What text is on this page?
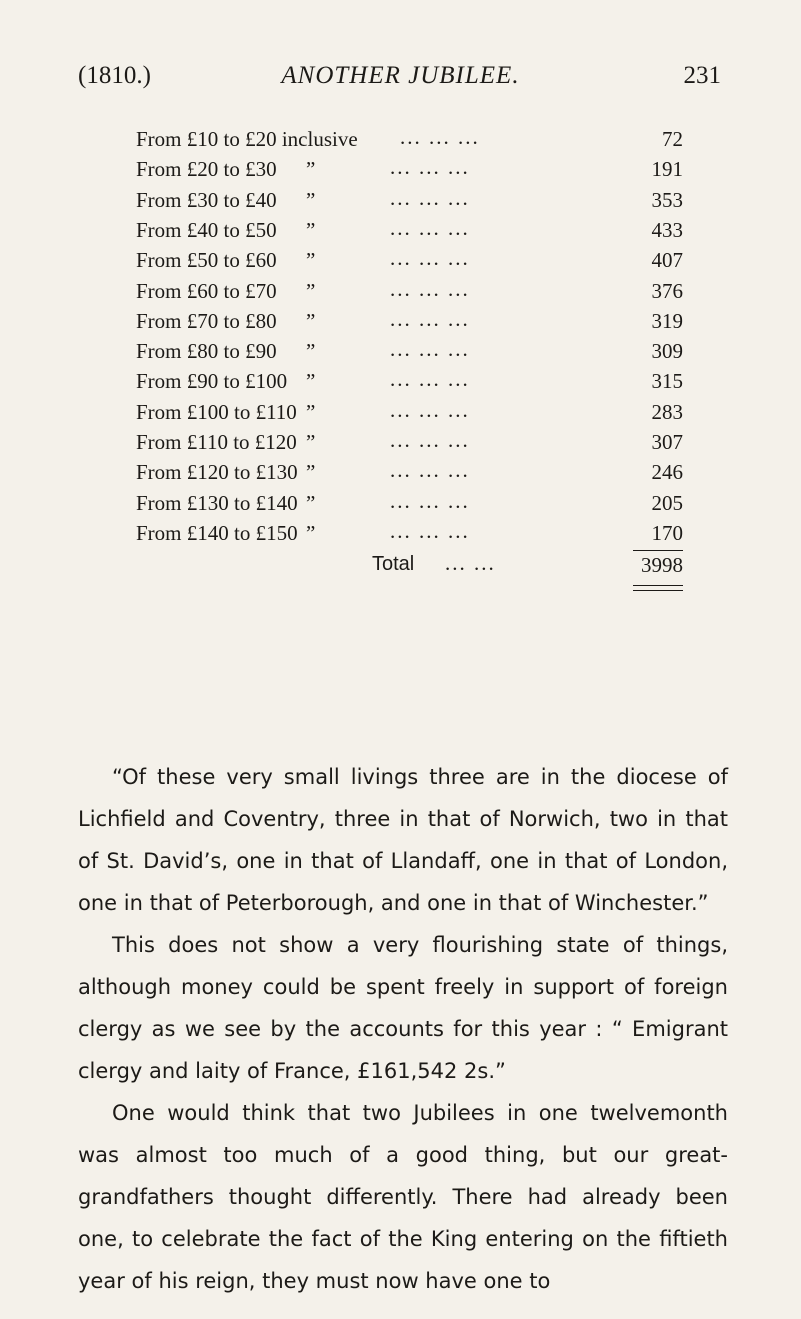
(1810.)	ANOTHER JUBILEE.	231
From £10 to £20 inclusive ... ... ...	72
From £20 to £30 ”	... ... ...	191
From £30 to £40 ”	... ... ...	353
From £40 to £50 ”	... ... ...	433
From £50 to £60 ”	... ... ...	407
From £60 to £70 ”	... ... ...	376
From £70 to £80 ”	... ... ...	319
From £80 to £90 ”	... ... ...	309
From £90 to £100 ”	... ... ...	315
From £100 to £110 ”	... ... ...	283
From £110 to £120 ”	... ... ...	307
From £120 to £130 ”	... ... ...	246
From £130 to £140 ”	... ... ...	205
From £140 to £150 ”	... ... ...	170
Total ... ...	3998

“Of these very small livings three are in the diocese of Lichfield and Coventry, three in that of Norwich, two in that of St. David’s, one in that of Llandaff, one in that of London, one in that of Peterborough, and one in that of Winchester.”

This does not show a very flourishing state of things, although money could be spent freely in support of foreign clergy as we see by the accounts for this year : “ Emigrant clergy and laity of France, £161,542 2s.”

One would think that two Jubilees in one twelvemonth was almost too much of a good thing, but our great-grandfathers thought differently. There had already been one, to celebrate the fact of the King entering on the fiftieth year of his reign, they must now have one to
